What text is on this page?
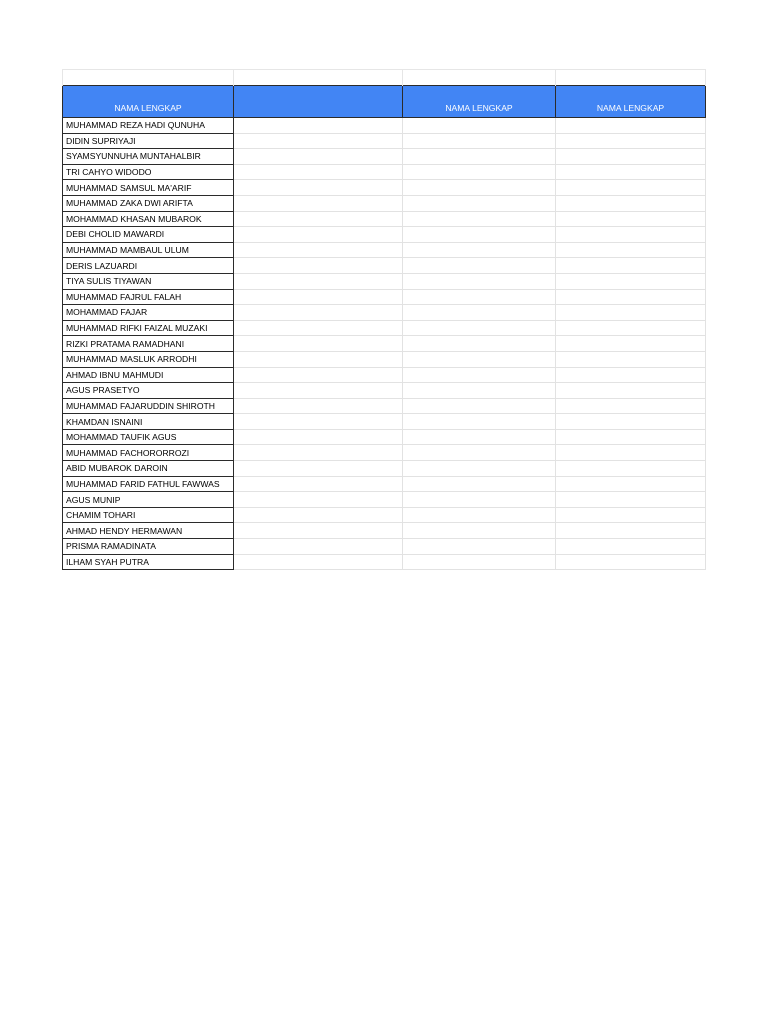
NAMA LENGKAP		NAMA LENGKAP	NAMA LENGKAP
MUHAMMAD REZA HADI QUNUHA			
DIDIN SUPRIYAJI			
SYAMSYUNNUHA MUNTAHALBIR			
TRI CAHYO WIDODO			
MUHAMMAD SAMSUL MA'ARIF			
MUHAMMAD ZAKA DWI ARIFTA			
MOHAMMAD KHASAN MUBAROK			
DEBI CHOLID MAWARDI			
MUHAMMAD MAMBAUL ULUM			
DERIS LAZUARDI			
TIYA SULIS TIYAWAN			
MUHAMMAD FAJRUL FALAH			
MOHAMMAD FAJAR			
MUHAMMAD RIFKI FAIZAL MUZAKI			
RIZKI PRATAMA RAMADHANI			
MUHAMMAD MASLUK ARRODHI			
AHMAD IBNU MAHMUDI			
AGUS PRASETYO			
MUHAMMAD FAJARUDDIN SHIROTH			
KHAMDAN ISNAINI			
MOHAMMAD TAUFIK AGUS			
MUHAMMAD FACHORORROZI			
ABID MUBAROK DAROIN			
MUHAMMAD FARID FATHUL FAWWAS			
AGUS MUNIP			
CHAMIM TOHARI			
AHMAD HENDY HERMAWAN			
PRISMA RAMADINATA			
ILHAM SYAH PUTRA			
